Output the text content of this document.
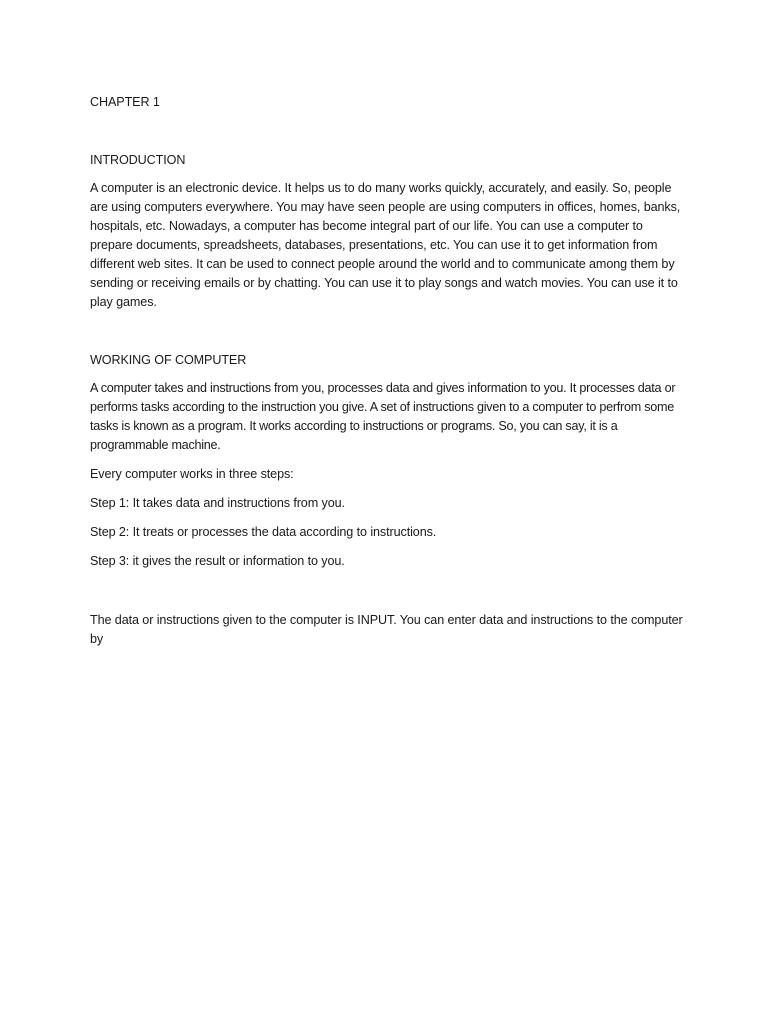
CHAPTER 1

INTRODUCTION

A computer is an electronic device. It helps us to do many works quickly, accurately, and easily. So, people are using computers everywhere. You may have seen people are using computers in offices, homes, banks, hospitals, etc. Nowadays, a computer has become integral part of our life. You can use a computer to prepare documents, spreadsheets, databases, presentations, etc. You can use it to get information from different web sites. It can be used to connect people around the world and to communicate among them by sending or receiving emails or by chatting. You can use it to play songs and watch movies. You can use it to play games.

WORKING OF COMPUTER

A computer takes and instructions from you, processes data and gives information to you. It processes data or performs tasks according to the instruction you give. A set of instructions given to a computer to perfrom some tasks is known as a program. It works according to instructions or programs. So, you can say, it is a programmable machine.

Every computer works in three steps:

Step 1: It takes data and instructions from you.

Step 2: It treats or processes the data according to instructions.

Step 3: it gives the result or information to you.

The data or instructions given to the computer is INPUT. You can enter data and instructions to the computer by
